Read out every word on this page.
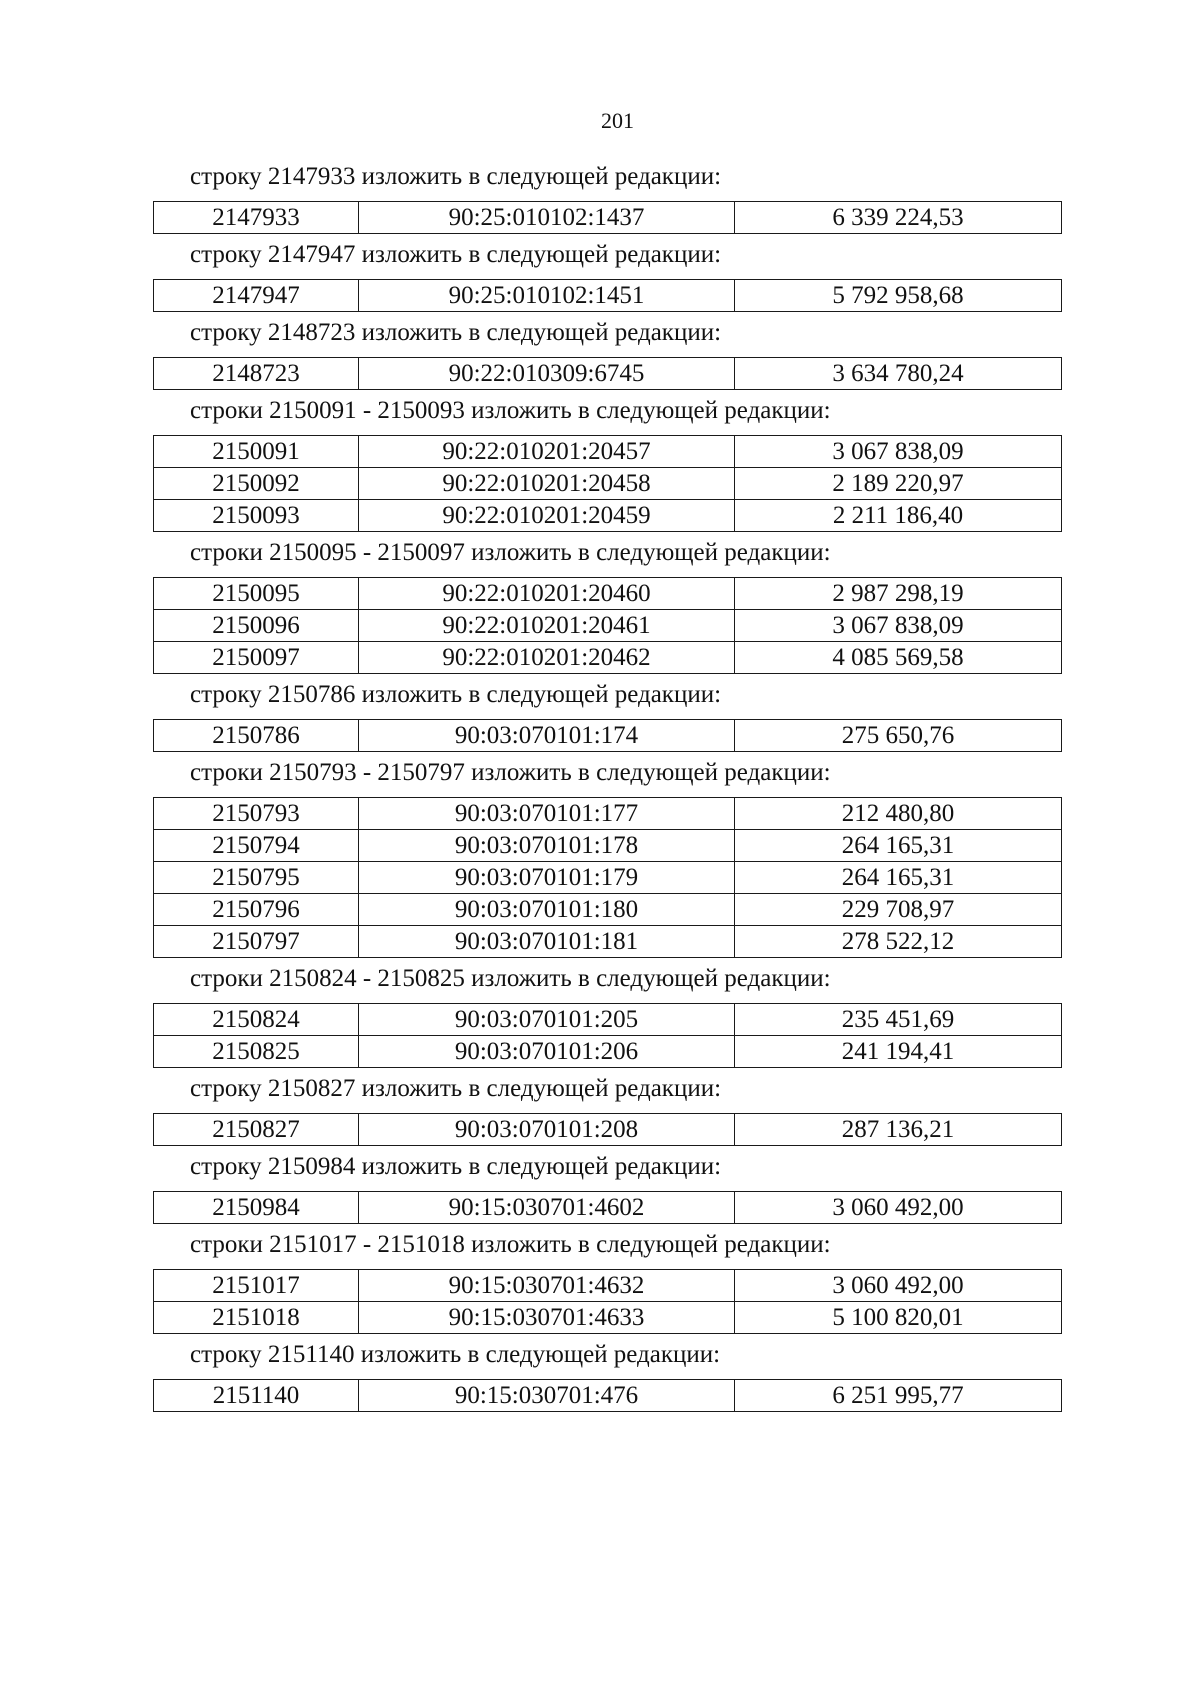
201
строку 2147933 изложить в следующей редакции:
2147933	90:25:010102:1437	6 339 224,53
строку 2147947 изложить в следующей редакции:
2147947	90:25:010102:1451	5 792 958,68
строку 2148723 изложить в следующей редакции:
2148723	90:22:010309:6745	3 634 780,24
строки 2150091 - 2150093 изложить в следующей редакции:
2150091	90:22:010201:20457	3 067 838,09
2150092	90:22:010201:20458	2 189 220,97
2150093	90:22:010201:20459	2 211 186,40
строки 2150095 - 2150097 изложить в следующей редакции:
2150095	90:22:010201:20460	2 987 298,19
2150096	90:22:010201:20461	3 067 838,09
2150097	90:22:010201:20462	4 085 569,58
строку 2150786 изложить в следующей редакции:
2150786	90:03:070101:174	275 650,76
строки 2150793 - 2150797 изложить в следующей редакции:
2150793	90:03:070101:177	212 480,80
2150794	90:03:070101:178	264 165,31
2150795	90:03:070101:179	264 165,31
2150796	90:03:070101:180	229 708,97
2150797	90:03:070101:181	278 522,12
строки 2150824 - 2150825 изложить в следующей редакции:
2150824	90:03:070101:205	235 451,69
2150825	90:03:070101:206	241 194,41
строку 2150827 изложить в следующей редакции:
2150827	90:03:070101:208	287 136,21
строку 2150984 изложить в следующей редакции:
2150984	90:15:030701:4602	3 060 492,00
строки 2151017 - 2151018 изложить в следующей редакции:
2151017	90:15:030701:4632	3 060 492,00
2151018	90:15:030701:4633	5 100 820,01
строку 2151140 изложить в следующей редакции:
2151140	90:15:030701:476	6 251 995,77
